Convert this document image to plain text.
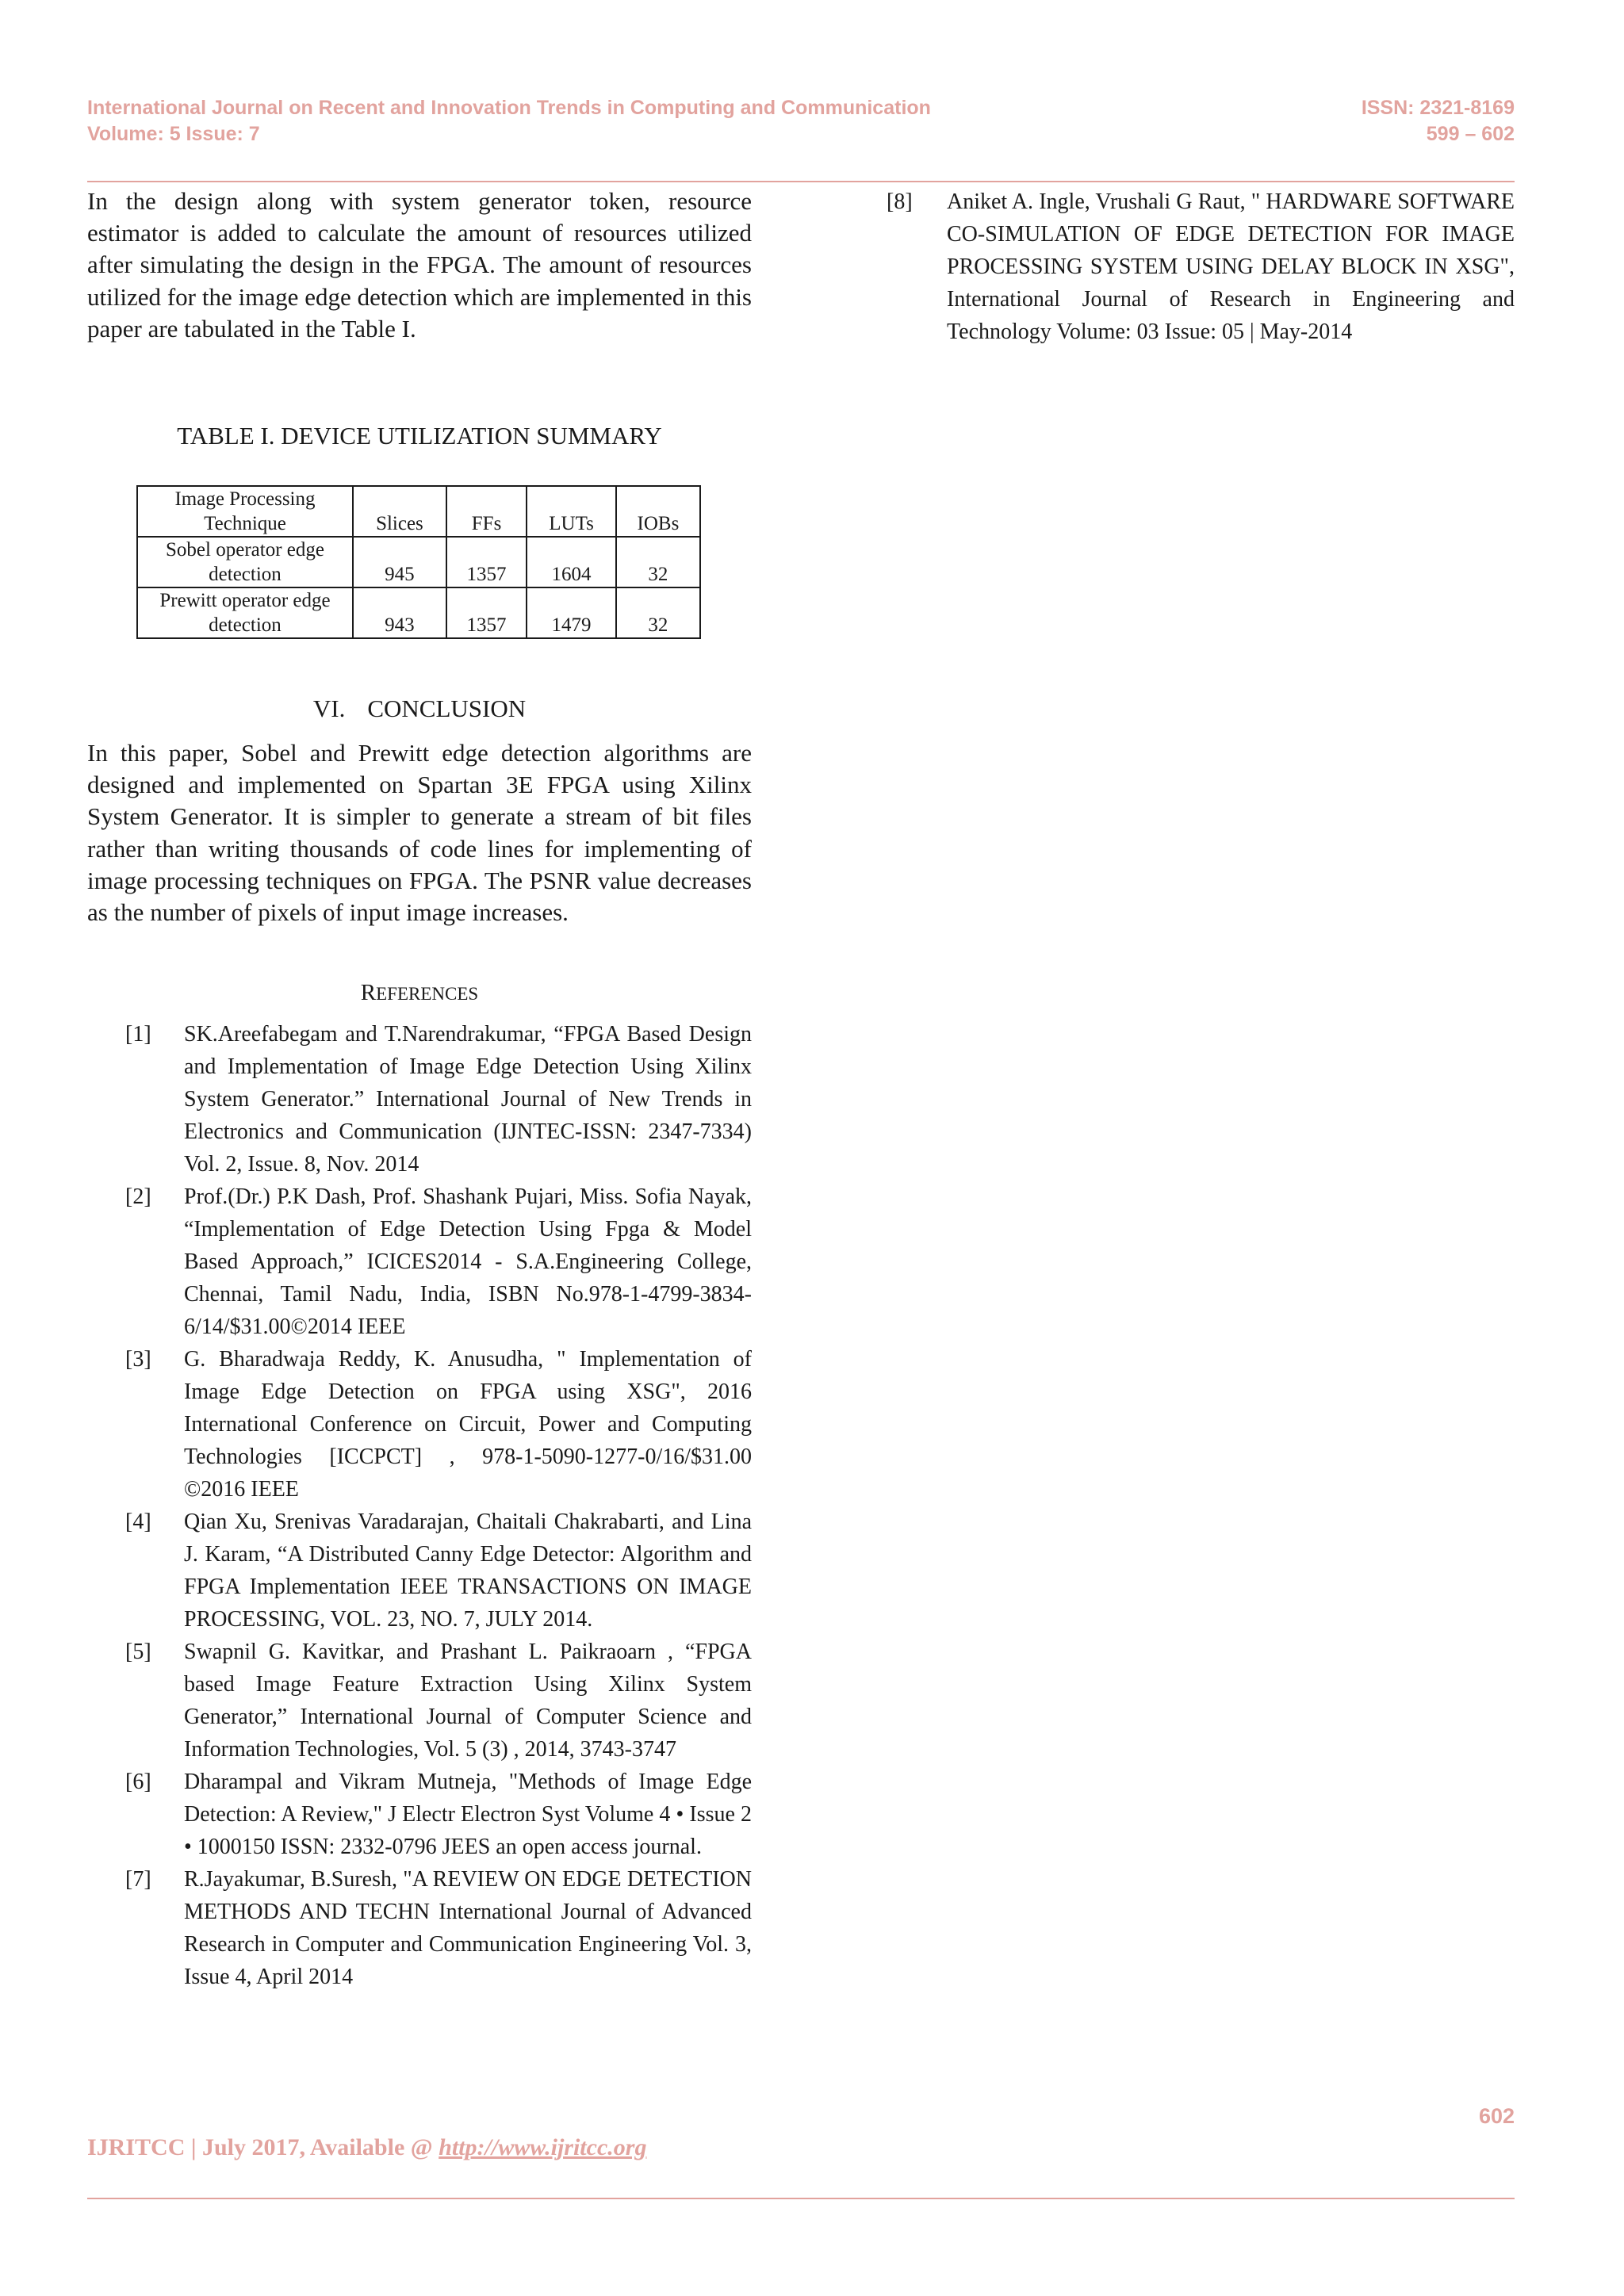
International Journal on Recent and Innovation Trends in Computing and Communication
Volume: 5 Issue: 7
ISSN: 2321-8169
599 – 602

In the design along with system generator token, resource estimator is added to calculate the amount of resources utilized after simulating the design in the FPGA. The amount of resources utilized for the image edge detection which are implemented in this paper are tabulated in the Table I.

TABLE I. DEVICE UTILIZATION SUMMARY
Image Processing Technique	Slices	FFs	LUTs	IOBs
Sobel operator edge detection	945	1357	1604	32
Prewitt operator edge detection	943	1357	1479	32
VI. CONCLUSION

In this paper, Sobel and Prewitt edge detection algorithms are designed and implemented on Spartan 3E FPGA using Xilinx System Generator. It is simpler to generate a stream of bit files rather than writing thousands of code lines for implementing of image processing techniques on FPGA. The PSNR value decreases as the number of pixels of input image increases.

REFERENCES
[1] SK.Areefabegam and T.Narendrakumar, “FPGA Based Design and Implementation of Image Edge Detection Using Xilinx System Generator.” International Journal of New Trends in Electronics and Communication (IJNTEC-ISSN: 2347-7334) Vol. 2, Issue. 8, Nov. 2014
[2] Prof.(Dr.) P.K Dash, Prof. Shashank Pujari, Miss. Sofia Nayak, “Implementation of Edge Detection Using Fpga & Model Based Approach,” ICICES2014 - S.A.Engineering College, Chennai, Tamil Nadu, India, ISBN No.978-1-4799-3834-6/14/$31.00©2014 IEEE
[3] G. Bharadwaja Reddy, K. Anusudha, " Implementation of Image Edge Detection on FPGA using XSG", 2016 International Conference on Circuit, Power and Computing Technologies [ICCPCT] , 978-1-5090-1277-0/16/$31.00 ©2016 IEEE
[4] Qian Xu, Srenivas Varadarajan, Chaitali Chakrabarti, and Lina J. Karam, “A Distributed Canny Edge Detector: Algorithm and FPGA Implementation IEEE TRANSACTIONS ON IMAGE PROCESSING, VOL. 23, NO. 7, JULY 2014.
[5] Swapnil G. Kavitkar, and Prashant L. Paikraoarn , “FPGA based Image Feature Extraction Using Xilinx System Generator,” International Journal of Computer Science and Information Technologies, Vol. 5 (3) , 2014, 3743-3747
[6] Dharampal and Vikram Mutneja, "Methods of Image Edge Detection: A Review," J Electr Electron Syst Volume 4 • Issue 2 • 1000150 ISSN: 2332-0796 JEES an open access journal.
[7] R.Jayakumar, B.Suresh, "A REVIEW ON EDGE DETECTION METHODS AND TECHN International Journal of Advanced Research in Computer and Communication Engineering Vol. 3, Issue 4, April 2014
[8] Aniket A. Ingle, Vrushali G Raut, " HARDWARE SOFTWARE CO-SIMULATION OF EDGE DETECTION FOR IMAGE PROCESSING SYSTEM USING DELAY BLOCK IN XSG", International Journal of Research in Engineering and Technology Volume: 03 Issue: 05 | May-2014
602
IJRITCC | July 2017, Available @ http://www.ijritcc.org
